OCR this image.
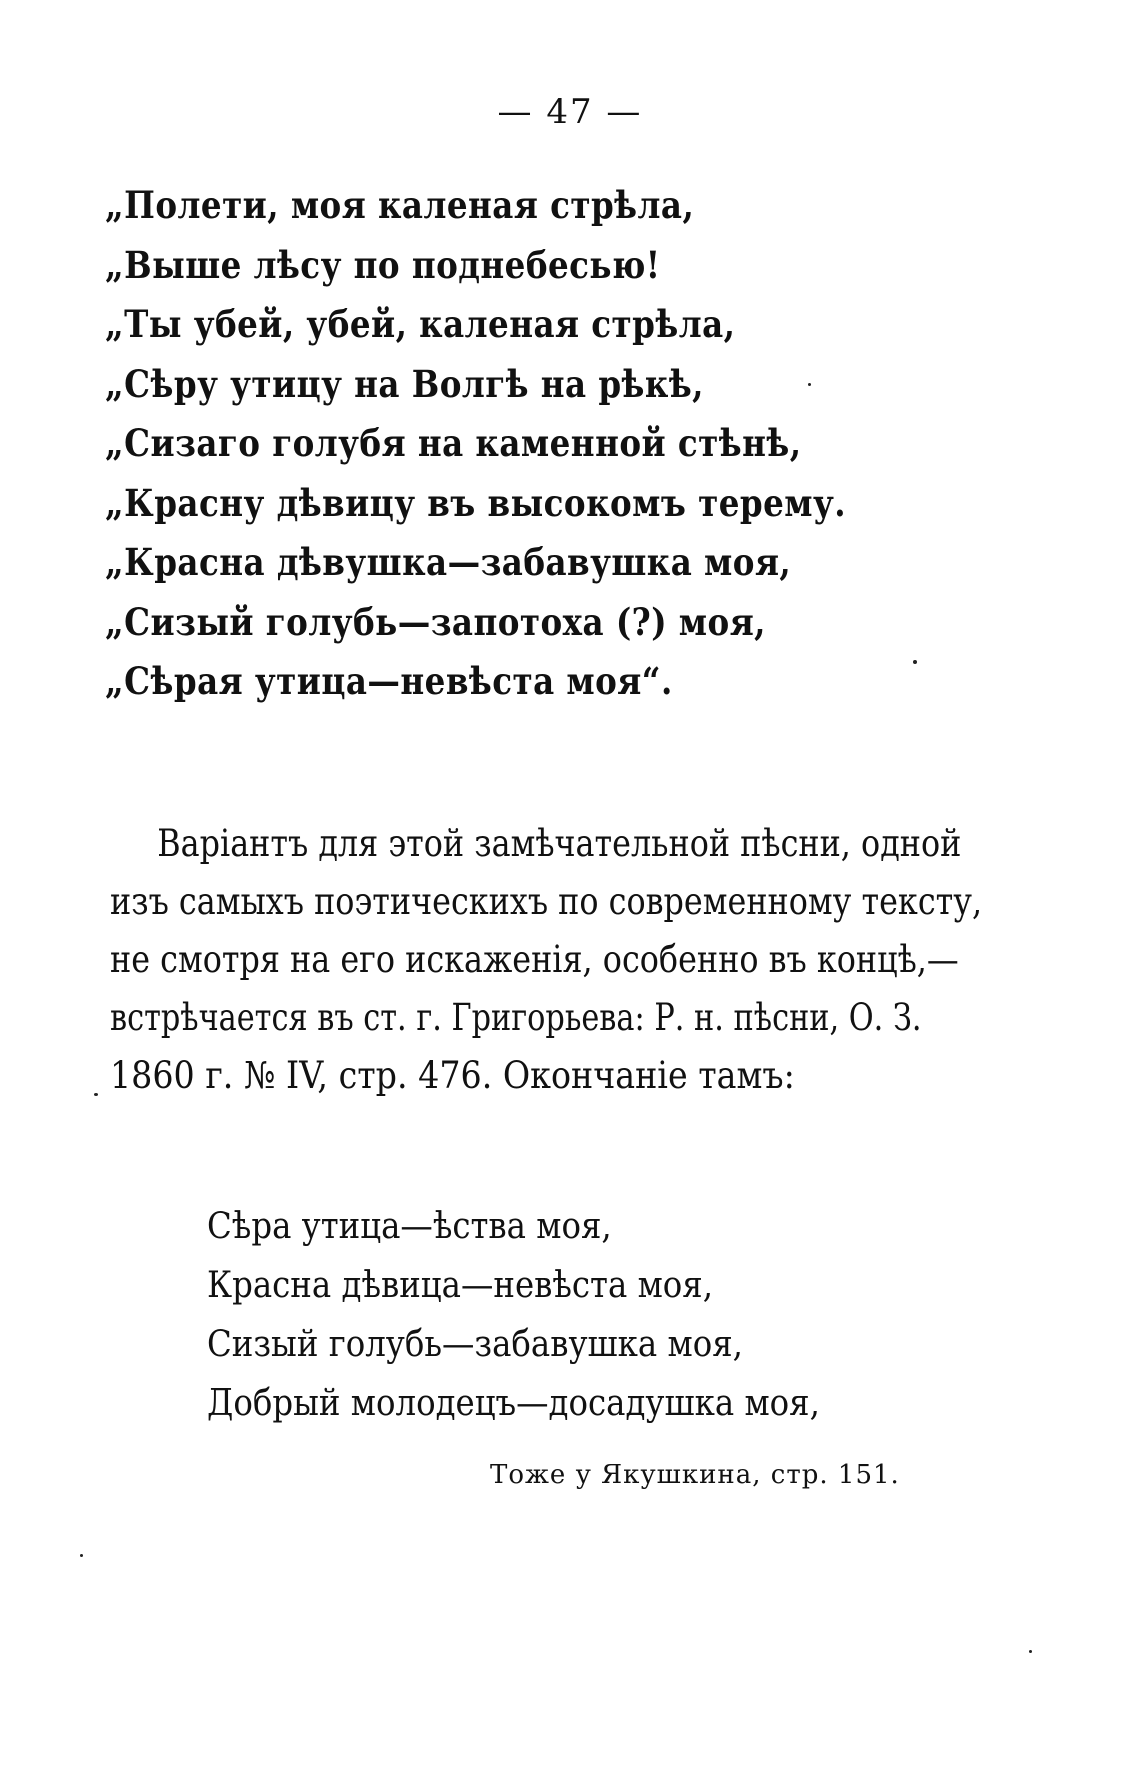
— 47 —
„Полети, моя каленая стрѣла,
„Выше лѣсу по поднебесью!
„Ты убей, убей, каленая стрѣла,
„Сѣру утицу на Волгѣ на рѣкѣ,
„Сизаго голубя на каменной стѣнѣ,
„Красну дѣвицу въ высокомъ терему.
„Красна дѣвушка—забавушка моя,
„Сизый голубь—запотоха (?) моя,
„Сѣрая утица—невѣста моя“.
Варіантъ для этой замѣчательной пѣсни, одной
изъ самыхъ поэтическихъ по современному тексту,
не смотря на его искаженія, особенно въ концѣ,—
встрѣчается въ ст. г. Григорьева: Р. н. пѣсни, О. З.
1860 г. № IV, стр. 476. Окончаніе тамъ:
Сѣра утица—ѣства моя,
Красна дѣвица—невѣста моя,
Сизый голубь—забавушка моя,
Добрый молодецъ—досадушка моя,
Тоже у Якушкина, стр. 151.
